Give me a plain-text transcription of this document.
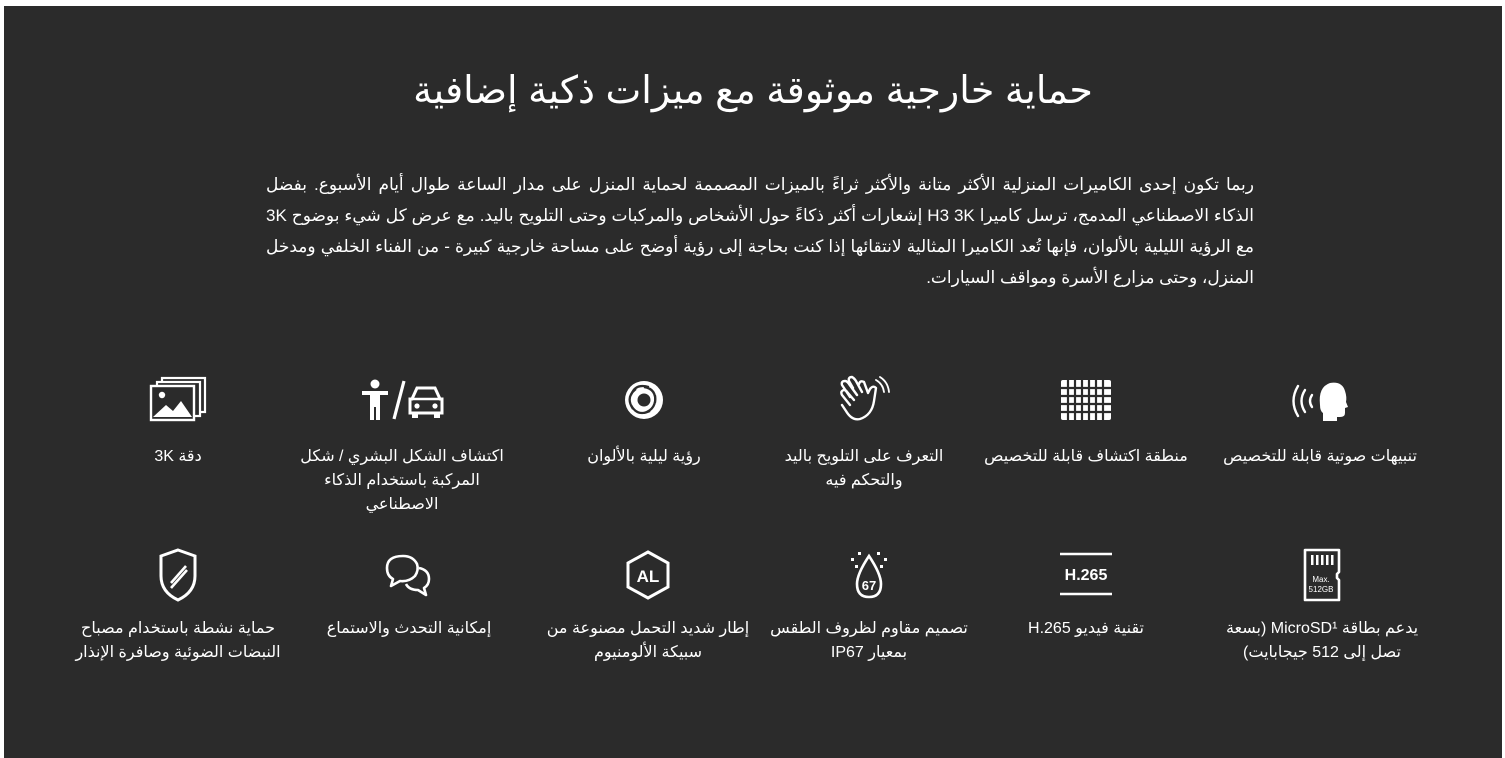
حماية خارجية موثوقة مع ميزات ذكية إضافية

ربما تكون إحدى الكاميرات المنزلية الأكثر متانة والأكثر ثراءً بالميزات المصممة لحماية المنزل على مدار الساعة طوال أيام الأسبوع. بفضل الذكاء الاصطناعي المدمج، ترسل كاميرا H3 3K إشعارات أكثر ذكاءً حول الأشخاص والمركبات وحتى التلويح باليد. مع عرض كل شيء بوضوح 3K مع الرؤية الليلية بالألوان، فإنها تُعد الكاميرا المثالية لانتقائها إذا كنت بحاجة إلى رؤية أوضح على مساحة خارجية كبيرة - من الفناء الخلفي ومدخل المنزل، وحتى مزارع الأسرة ومواقف السيارات.

دقة 3K	اكتشاف الشكل البشري / شكل المركبة باستخدام الذكاء الاصطناعي
رؤية ليلية بالألوان	التعرف على التلويح باليد والتحكم فيه
منطقة اكتشاف قابلة للتخصيص	تنبيهات صوتية قابلة للتخصيص
حماية نشطة باستخدام مصباح النبضات الضوئية وصافرة الإنذار
إمكانية التحدث والاستماع
AL
إطار شديد التحمل مصنوعة من سبيكة الألومنيوم
67
تصميم مقاوم لظروف الطقس بمعيار IP67
H.265
تقنية فيديو H.265
Max.
512GB
يدعم بطاقة MicroSD¹ (بسعة تصل إلى 512 جيجابايت)
